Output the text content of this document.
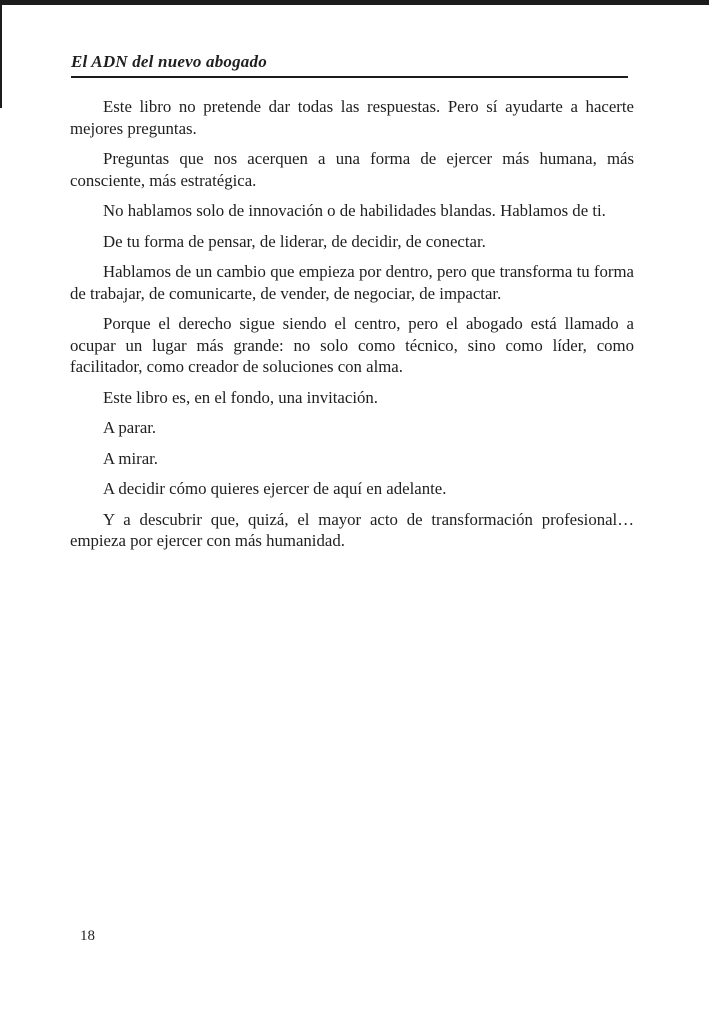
El ADN del nuevo abogado

Este libro no pretende dar todas las respuestas. Pero sí ayudarte a hacerte mejores preguntas.

Preguntas que nos acerquen a una forma de ejercer más humana, más consciente, más estratégica.

No hablamos solo de innovación o de habilidades blandas. Hablamos de ti.

De tu forma de pensar, de liderar, de decidir, de conectar.

Hablamos de un cambio que empieza por dentro, pero que transforma tu forma de trabajar, de comunicarte, de vender, de negociar, de impactar.

Porque el derecho sigue siendo el centro, pero el abogado está llamado a ocupar un lugar más grande: no solo como técnico, sino como líder, como facilitador, como creador de soluciones con alma.

Este libro es, en el fondo, una invitación.

A parar.

A mirar.

A decidir cómo quieres ejercer de aquí en adelante.

Y a descubrir que, quizá, el mayor acto de transformación profesional… empieza por ejercer con más humanidad.

18
